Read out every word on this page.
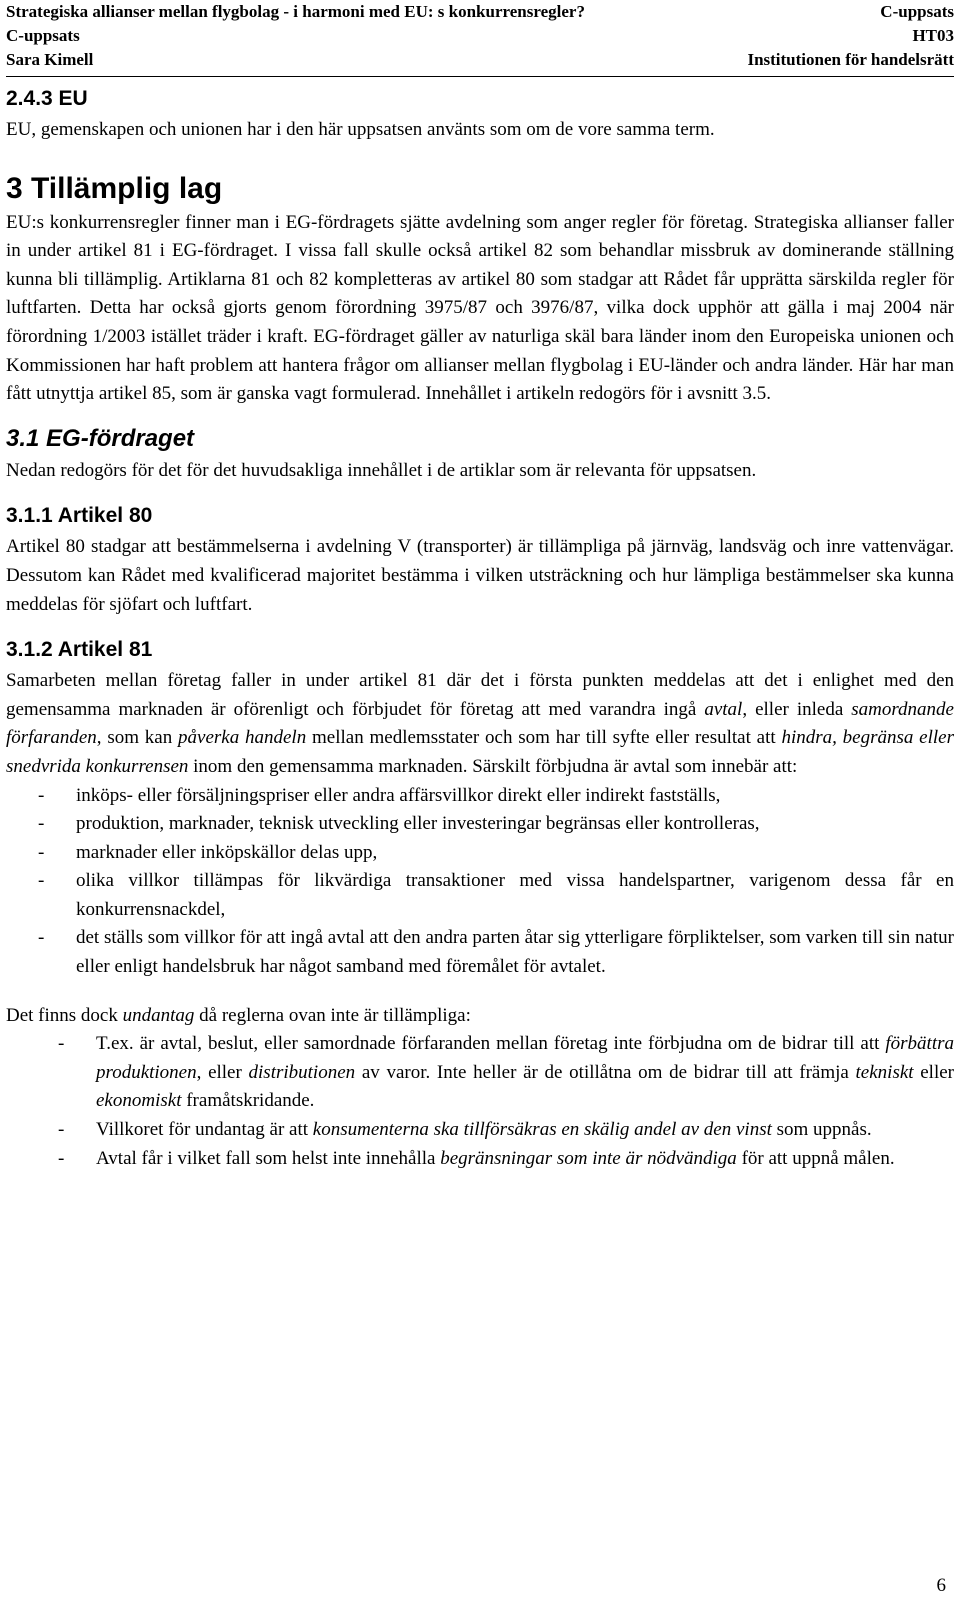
Strategiska allianser mellan flygbolag - i harmoni med EU: s konkurrensregler?	C-uppsats
C-uppsats	HT03
Sara Kimell	Institutionen för handelsrätt
2.4.3 EU

EU, gemenskapen och unionen har i den här uppsatsen använts som om de vore samma term.

3 Tillämplig lag

EU:s konkurrensregler finner man i EG-fördragets sjätte avdelning som anger regler för företag. Strategiska allianser faller in under artikel 81 i EG-fördraget. I vissa fall skulle också artikel 82 som behandlar missbruk av dominerande ställning kunna bli tillämplig. Artiklarna 81 och 82 kompletteras av artikel 80 som stadgar att Rådet får upprätta särskilda regler för luftfarten. Detta har också gjorts genom förordning 3975/87 och 3976/87, vilka dock upphör att gälla i maj 2004 när förordning 1/2003 istället träder i kraft. EG-fördraget gäller av naturliga skäl bara länder inom den Europeiska unionen och Kommissionen har haft problem att hantera frågor om allianser mellan flygbolag i EU-länder och andra länder. Här har man fått utnyttja artikel 85, som är ganska vagt formulerad. Innehållet i artikeln redogörs för i avsnitt 3.5.

3.1 EG-fördraget

Nedan redogörs för det för det huvudsakliga innehållet i de artiklar som är relevanta för uppsatsen.

3.1.1 Artikel 80

Artikel 80 stadgar att bestämmelserna i avdelning V (transporter) är tillämpliga på järnväg, landsväg och inre vattenvägar. Dessutom kan Rådet med kvalificerad majoritet bestämma i vilken utsträckning och hur lämpliga bestämmelser ska kunna meddelas för sjöfart och luftfart.

3.1.2 Artikel 81

Samarbeten mellan företag faller in under artikel 81 där det i första punkten meddelas att det i enlighet med den gemensamma marknaden är oförenligt och förbjudet för företag att med varandra ingå avtal, eller inleda samordnande förfaranden, som kan påverka handeln mellan medlemsstater och som har till syfte eller resultat att hindra, begränsa eller snedvrida konkurrensen inom den gemensamma marknaden. Särskilt förbjudna är avtal som innebär att:

- inköps- eller försäljningspriser eller andra affärsvillkor direkt eller indirekt fastställs,
- produktion, marknader, teknisk utveckling eller investeringar begränsas eller kontrolleras,
- marknader eller inköpskällor delas upp,
- olika villkor tillämpas för likvärdiga transaktioner med vissa handelspartner, varigenom dessa får en konkurrensnackdel,
- det ställs som villkor för att ingå avtal att den andra parten åtar sig ytterligare förpliktelser, som varken till sin natur eller enligt handelsbruk har något samband med föremålet för avtalet.

Det finns dock undantag då reglerna ovan inte är tillämpliga:

- T.ex. är avtal, beslut, eller samordnade förfaranden mellan företag inte förbjudna om de bidrar till att förbättra produktionen, eller distributionen av varor. Inte heller är de otillåtna om de bidrar till att främja tekniskt eller ekonomiskt framåtskridande.
- Villkoret för undantag är att konsumenterna ska tillförsäkras en skälig andel av den vinst som uppnås.
- Avtal får i vilket fall som helst inte innehålla begränsningar som inte är nödvändiga för att uppnå målen.
6
